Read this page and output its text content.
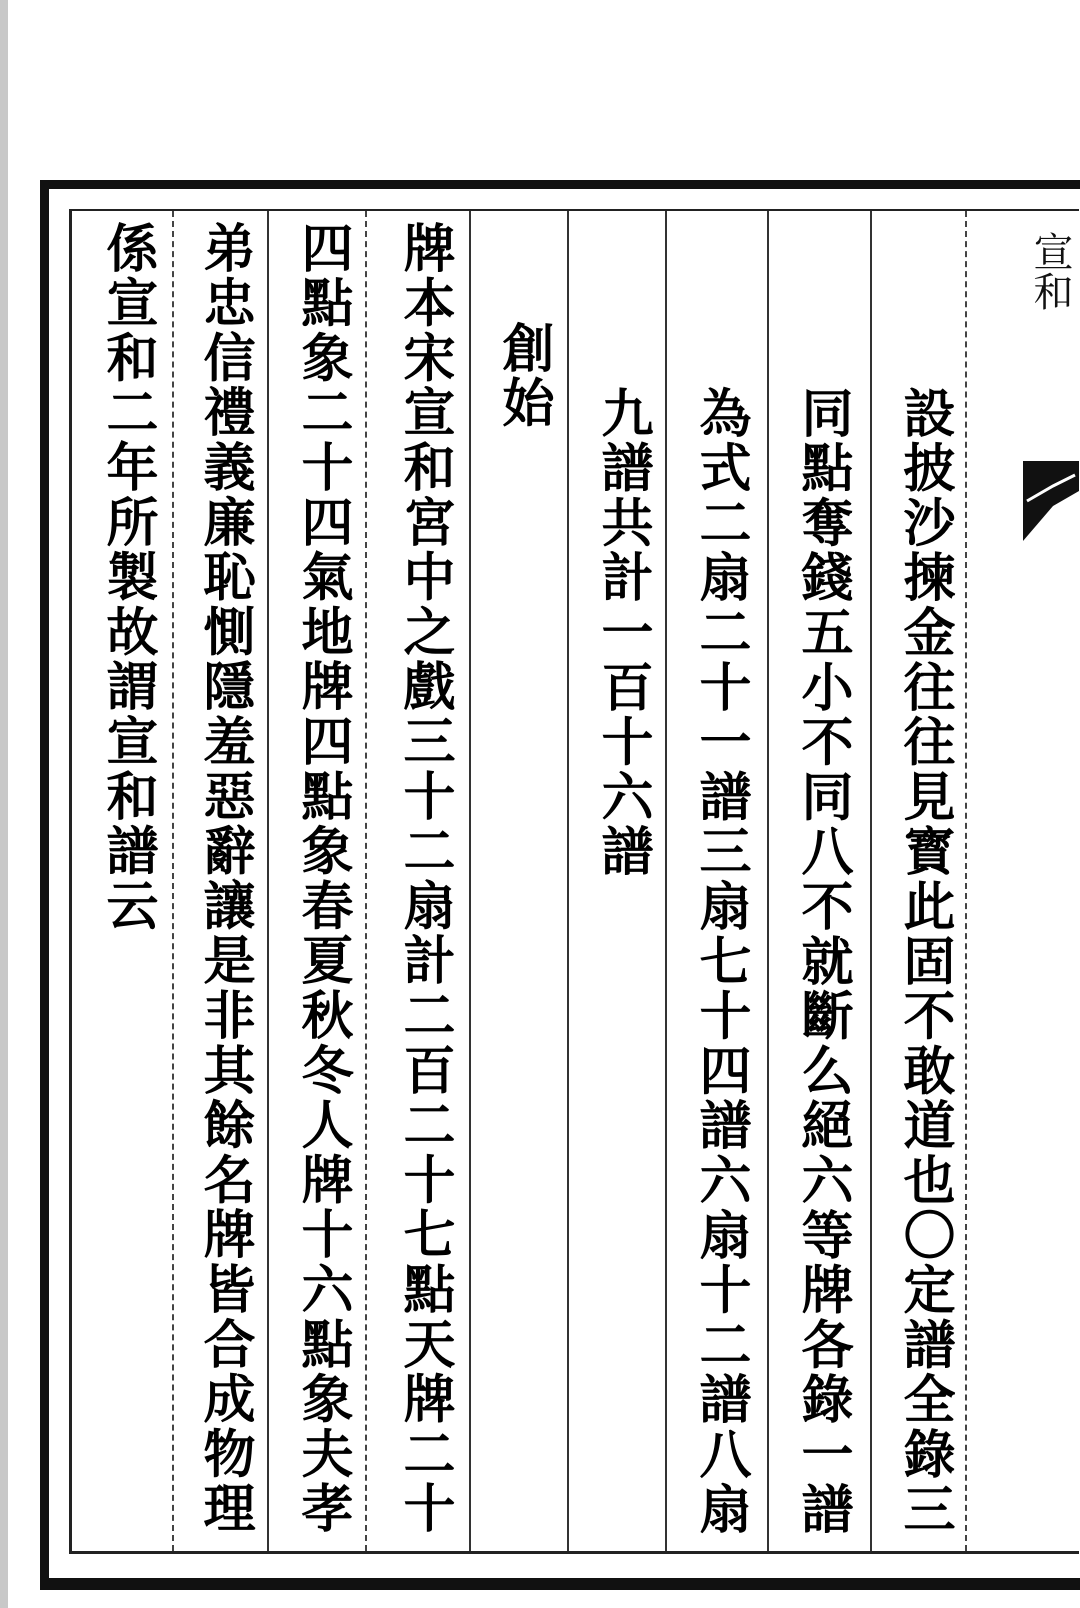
設披沙揀金往往見寳此固不敢道也〇定譜全錄三
同點奪錢五小不同八不就斷么絕六等牌各錄一譜
為式二扇二十一譜三扇七十四譜六扇十二譜八扇
九譜共計一百十六譜
創始
牌本宋宣和宮中之戲三十二扇計二百二十七點天牌二十
四點象二十四氣地牌四點象春夏秋冬人牌十六點象夫孝
弟忠信禮義廉恥惻隱羞惡辭讓是非其餘名牌皆合成物理
係宣和二年所製故謂宣和譜云	宣和
